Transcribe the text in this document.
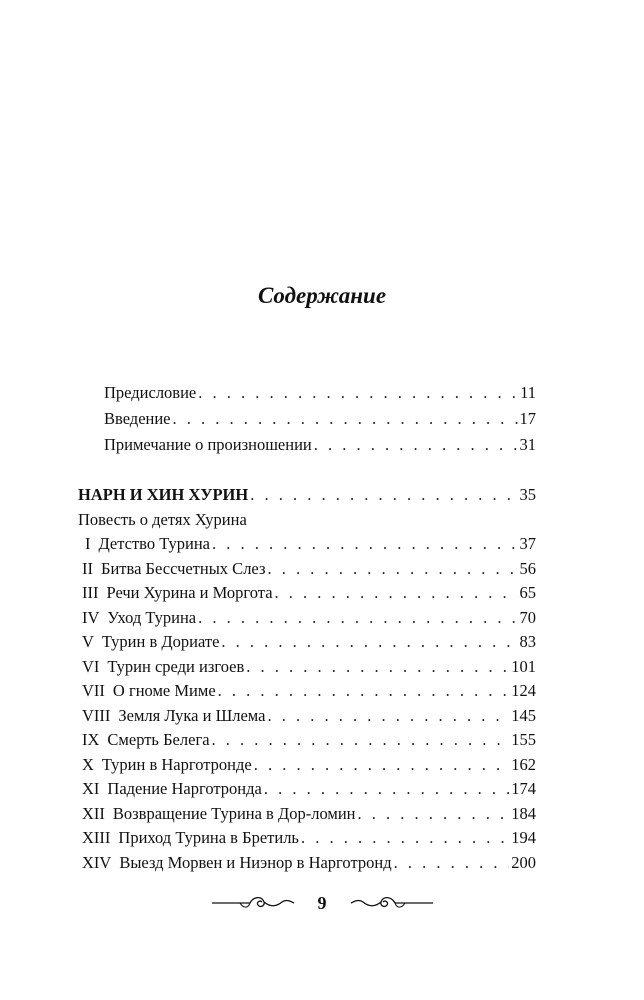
Содержание
Предисловие . . .	11
Введение . . .	17
Примечание о произношении . . .	31
НАРН И ХИН ХУРИН . . .	35
Повесть о детях Хурина
I Детство Турина . . .	37
II Битва Бессчетных Слез . . .	56
III Речи Хурина и Моргота . . .	65
IV Уход Турина . . .	70
V Турин в Дориате . . .	83
VI Турин среди изгоев . . .	101
VII О гноме Миме . . .	124
VIII Земля Лука и Шлема . . .	145
IX Смерть Белега . . .	155
X Турин в Нарготронде . . .	162
XI Падение Нарготронда . . .	174
XII Возвращение Турина в Дор-ломин . . .	184
XIII Приход Турина в Бретиль . . .	194
XIV Выезд Морвен и Ниэнор в Нарготронд . . .	200
9
